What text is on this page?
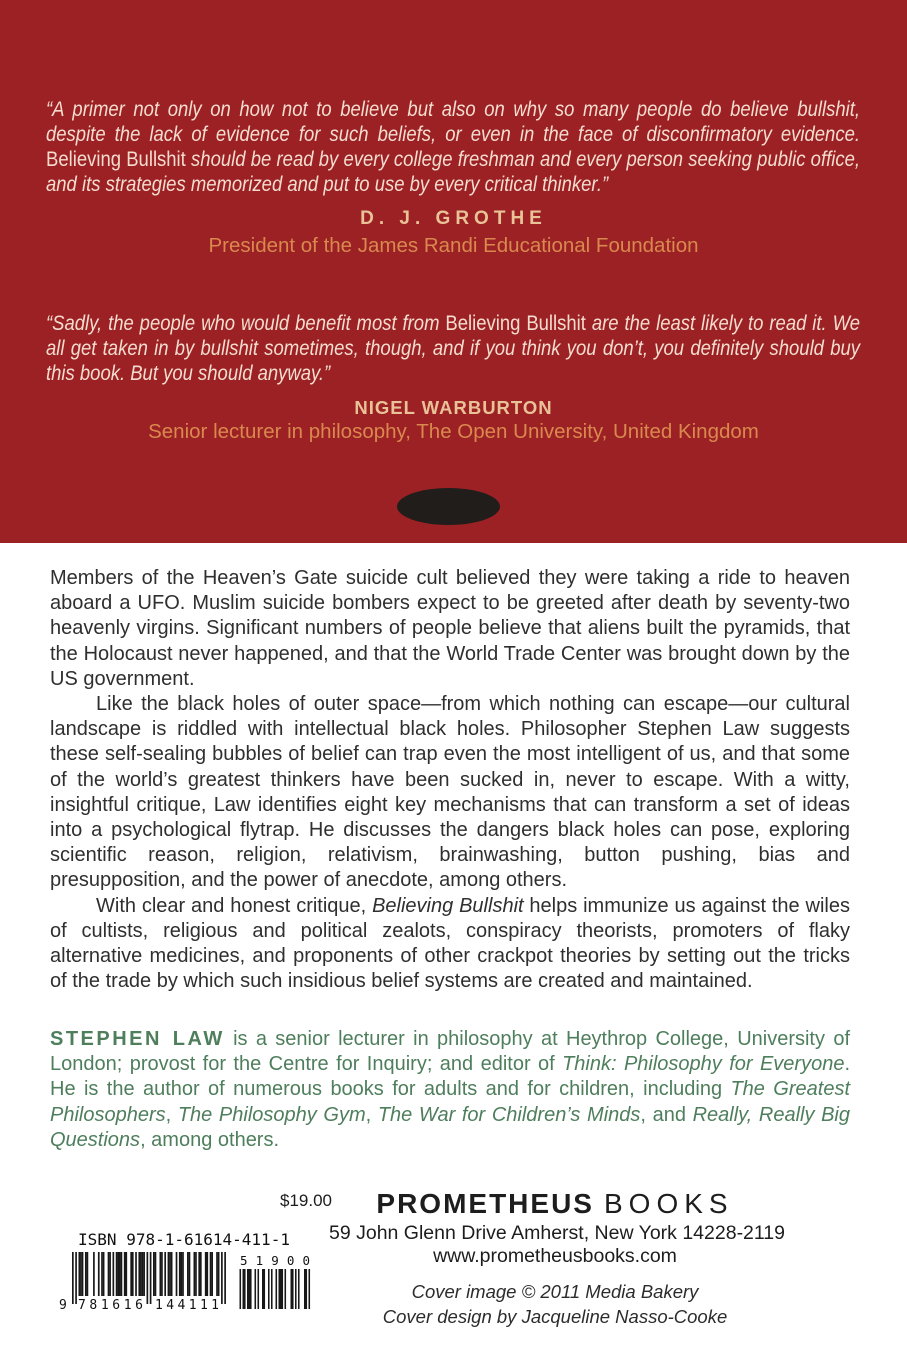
“A primer not only on how not to believe but also on why so many people do believe bullshit, despite the lack of evidence for such beliefs, or even in the face of disconfirmatory evidence. Believing Bullshit should be read by every college freshman and every person seeking public office, and its strategies memorized and put to use by every critical thinker.”
D. J. GROTHE
President of the James Randi Educational Foundation
“Sadly, the people who would benefit most from Believing Bullshit are the least likely to read it. We all get taken in by bullshit sometimes, though, and if you think you don’t, you definitely should buy this book. But you should anyway.”
NIGEL WARBURTON
Senior lecturer in philosophy, The Open University, United Kingdom

Members of the Heaven’s Gate suicide cult believed they were taking a ride to heaven aboard a UFO. Muslim suicide bombers expect to be greeted after death by seventy-two heavenly virgins. Significant numbers of people believe that aliens built the pyramids, that the Holocaust never happened, and that the World Trade Center was brought down by the US government.

Like the black holes of outer space—from which nothing can escape—our cultural landscape is riddled with intellectual black holes. Philosopher Stephen Law suggests these self-sealing bubbles of belief can trap even the most intelligent of us, and that some of the world’s greatest thinkers have been sucked in, never to escape. With a witty, insightful critique, Law identifies eight key mechanisms that can transform a set of ideas into a psychological flytrap. He discusses the dangers black holes can pose, exploring scientific reason, religion, relativism, brainwashing, button pushing, bias and presupposition, and the power of anecdote, among others.

With clear and honest critique, Believing Bullshit helps immunize us against the wiles of cultists, religious and political zealots, conspiracy theorists, promoters of flaky alternative medicines, and proponents of other crackpot theories by setting out the tricks of the trade by which such insidious belief systems are created and maintained.

STEPHEN LAW is a senior lecturer in philosophy at Heythrop College, University of London; provost for the Centre for Inquiry; and editor of Think: Philosophy for Everyone. He is the author of numerous books for adults and for children, including The Greatest Philosophers, The Philosophy Gym, The War for Children’s Minds, and Really, Really Big Questions, among others.
$19.00	PROMETHEUS BOOKS
59 John Glenn Drive Amherst, New York 14228-2119
www.prometheusbooks.com
Cover image © 2011 Media Bakery
Cover design by Jacqueline Nasso-Cooke
ISBN 978-1-61614-411-1
9 781616 144111
5 1 9 0 0
